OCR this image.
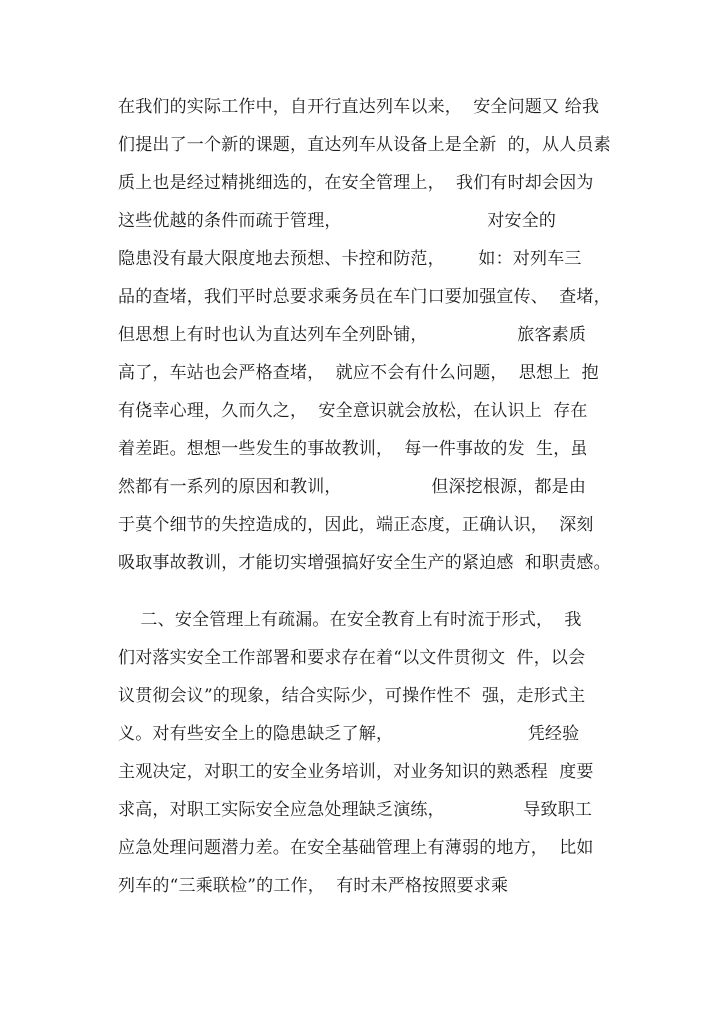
在我们的实际工作中，自开行直达列车以来，  安全问题又 给我
们提出了一个新的课题，直达列车从设备上是全新  的，从人员素
质上也是经过精挑细选的，在安全管理上，  我们有时却会因为
这些优越的条件而疏于管理，                          对安全的
隐患没有最大限度地去预想、卡控和防范，      如：对列车三
品的查堵，我们平时总要求乘务员在车门口要加强宣传、  查堵，
但思想上有时也认为直达列车全列卧铺，                旅客素质
高了，车站也会严格查堵，  就应不会有什么问题，  思想上  抱
有侥幸心理，久而久之，  安全意识就会放松，在认识上  存在
着差距。想想一些发生的事故教训，  每一件事故的发  生，虽
然都有一系列的原因和教训，                但深挖根源，都是由
于莫个细节的失控造成的，因此，端正态度，正确认识，  深刻
吸取事故教训，才能切实增强搞好安全生产的紧迫感  和职责感。
二、安全管理上有疏漏。在安全教育上有时流于形式，  我
们对落实安全工作部署和要求存在着“以文件贯彻文  件，以会
议贯彻会议”的现象，结合实际少，可操作性不  强，走形式主
义。对有些安全上的隐患缺乏了解，                        凭经验
主观决定，对职工的安全业务培训，对业务知识的熟悉程  度要
求高，对职工实际安全应急处理缺乏演练，              导致职工
应急处理问题潜力差。在安全基础管理上有薄弱的地方，  比如
列车的“三乘联检”的工作，  有时未严格按照要求乘
